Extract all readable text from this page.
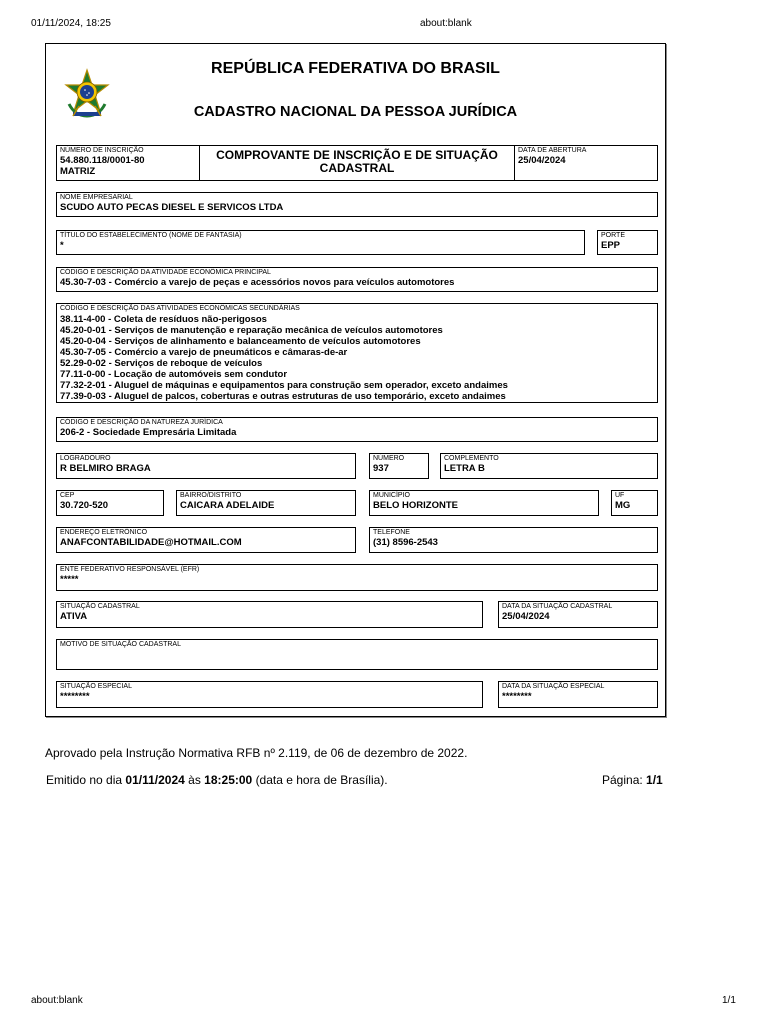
01/11/2024, 18:25	about:blank
about:blank	1/1
REPÚBLICA FEDERATIVA DO BRASIL
CADASTRO NACIONAL DA PESSOA JURÍDICA
NÚMERO DE INSCRIÇÃO
54.880.118/0001-80
MATRIZ
COMPROVANTE DE INSCRIÇÃO E DE SITUAÇÃO CADASTRAL
DATA DE ABERTURA
25/04/2024
NOME EMPRESARIAL
SCUDO AUTO PECAS DIESEL E SERVICOS LTDA
TÍTULO DO ESTABELECIMENTO (NOME DE FANTASIA)
*
PORTE
EPP
CÓDIGO E DESCRIÇÃO DA ATIVIDADE ECONÔMICA PRINCIPAL
45.30-7-03 - Comércio a varejo de peças e acessórios novos para veículos automotores
CÓDIGO E DESCRIÇÃO DAS ATIVIDADES ECONÔMICAS SECUNDÁRIAS
38.11-4-00 - Coleta de resíduos não-perigosos
45.20-0-01 - Serviços de manutenção e reparação mecânica de veículos automotores
45.20-0-04 - Serviços de alinhamento e balanceamento de veículos automotores
45.30-7-05 - Comércio a varejo de pneumáticos e câmaras-de-ar
52.29-0-02 - Serviços de reboque de veículos
77.11-0-00 - Locação de automóveis sem condutor
77.32-2-01 - Aluguel de máquinas e equipamentos para construção sem operador, exceto andaimes
77.39-0-03 - Aluguel de palcos, coberturas e outras estruturas de uso temporário, exceto andaimes
CÓDIGO E DESCRIÇÃO DA NATUREZA JURÍDICA
206-2 - Sociedade Empresária Limitada
LOGRADOURO
R BELMIRO BRAGA
NÚMERO
937
COMPLEMENTO
LETRA B
CEP
30.720-520
BAIRRO/DISTRITO
CAICARA ADELAIDE
MUNICÍPIO
BELO HORIZONTE
UF
MG
ENDEREÇO ELETRÔNICO
ANAFCONTABILIDADE@HOTMAIL.COM
TELEFONE
(31) 8596-2543
ENTE FEDERATIVO RESPONSÁVEL (EFR)
*****
SITUAÇÃO CADASTRAL
ATIVA
DATA DA SITUAÇÃO CADASTRAL
25/04/2024
MOTIVO DE SITUAÇÃO CADASTRAL
SITUAÇÃO ESPECIAL
********
DATA DA SITUAÇÃO ESPECIAL
********
Aprovado pela Instrução Normativa RFB nº 2.119, de 06 de dezembro de 2022.
Emitido no dia 01/11/2024 às 18:25:00 (data e hora de Brasília).	Página: 1/1
